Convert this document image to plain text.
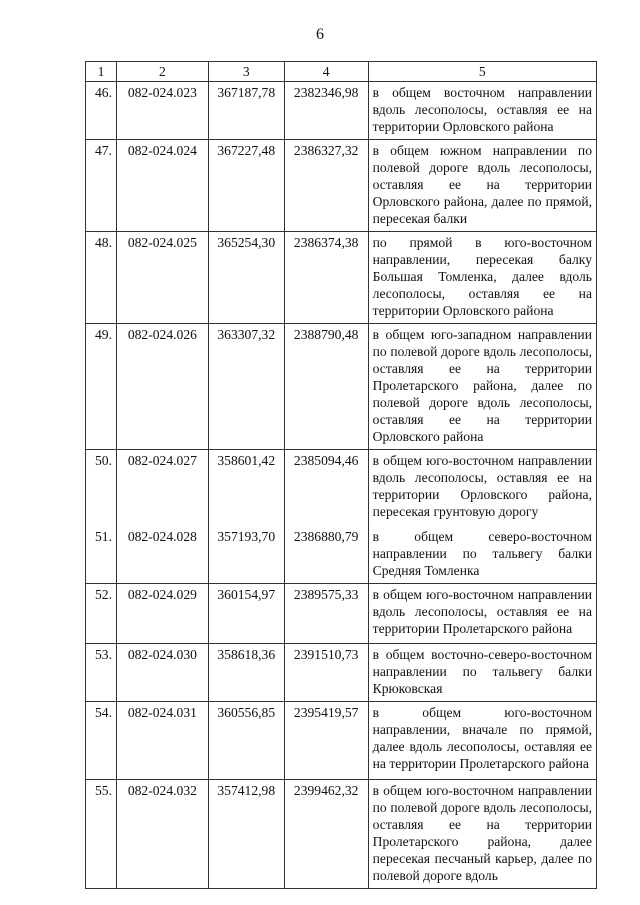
6
1	2	3	4	5
46.	082-024.023	367187,78	2382346,98	в общем восточном направлении вдоль лесополосы, оставляя ее на территории Орловского района
47.	082-024.024	367227,48	2386327,32	в общем южном направлении по полевой дороге вдоль лесополосы, оставляя ее на территории Орловского района, далее по прямой, пересекая балки
48.	082-024.025	365254,30	2386374,38	по прямой в юго-восточном направлении, пересекая балку Большая Томленка, далее вдоль лесополосы, оставляя ее на территории Орловского района
49.	082-024.026	363307,32	2388790,48	в общем юго-западном направлении по полевой дороге вдоль лесополосы, оставляя ее на территории Пролетарского района, далее по полевой дороге вдоль лесополосы, оставляя ее на территории Орловского района
50.	082-024.027	358601,42	2385094,46	в общем юго-восточном направлении вдоль лесополосы, оставляя ее на территории Орловского района, пересекая грунтовую дорогу
51.	082-024.028	357193,70	2386880,79	в общем северо-восточном направлении по тальвегу балки Средняя Томленка
52.	082-024.029	360154,97	2389575,33	в общем юго-восточном направлении вдоль лесополосы, оставляя ее на территории Пролетарского района
53.	082-024.030	358618,36	2391510,73	в общем восточно-северо-восточном направлении по тальвегу балки Крюковская
54.	082-024.031	360556,85	2395419,57	в общем юго-восточном направлении, вначале по прямой, далее вдоль лесополосы, оставляя ее на территории Пролетарского района
55.	082-024.032	357412,98	2399462,32	в общем юго-восточном направлении по полевой дороге вдоль лесополосы, оставляя ее на территории Пролетарского района, далее пересекая песчаный карьер, далее по полевой дороге вдоль
